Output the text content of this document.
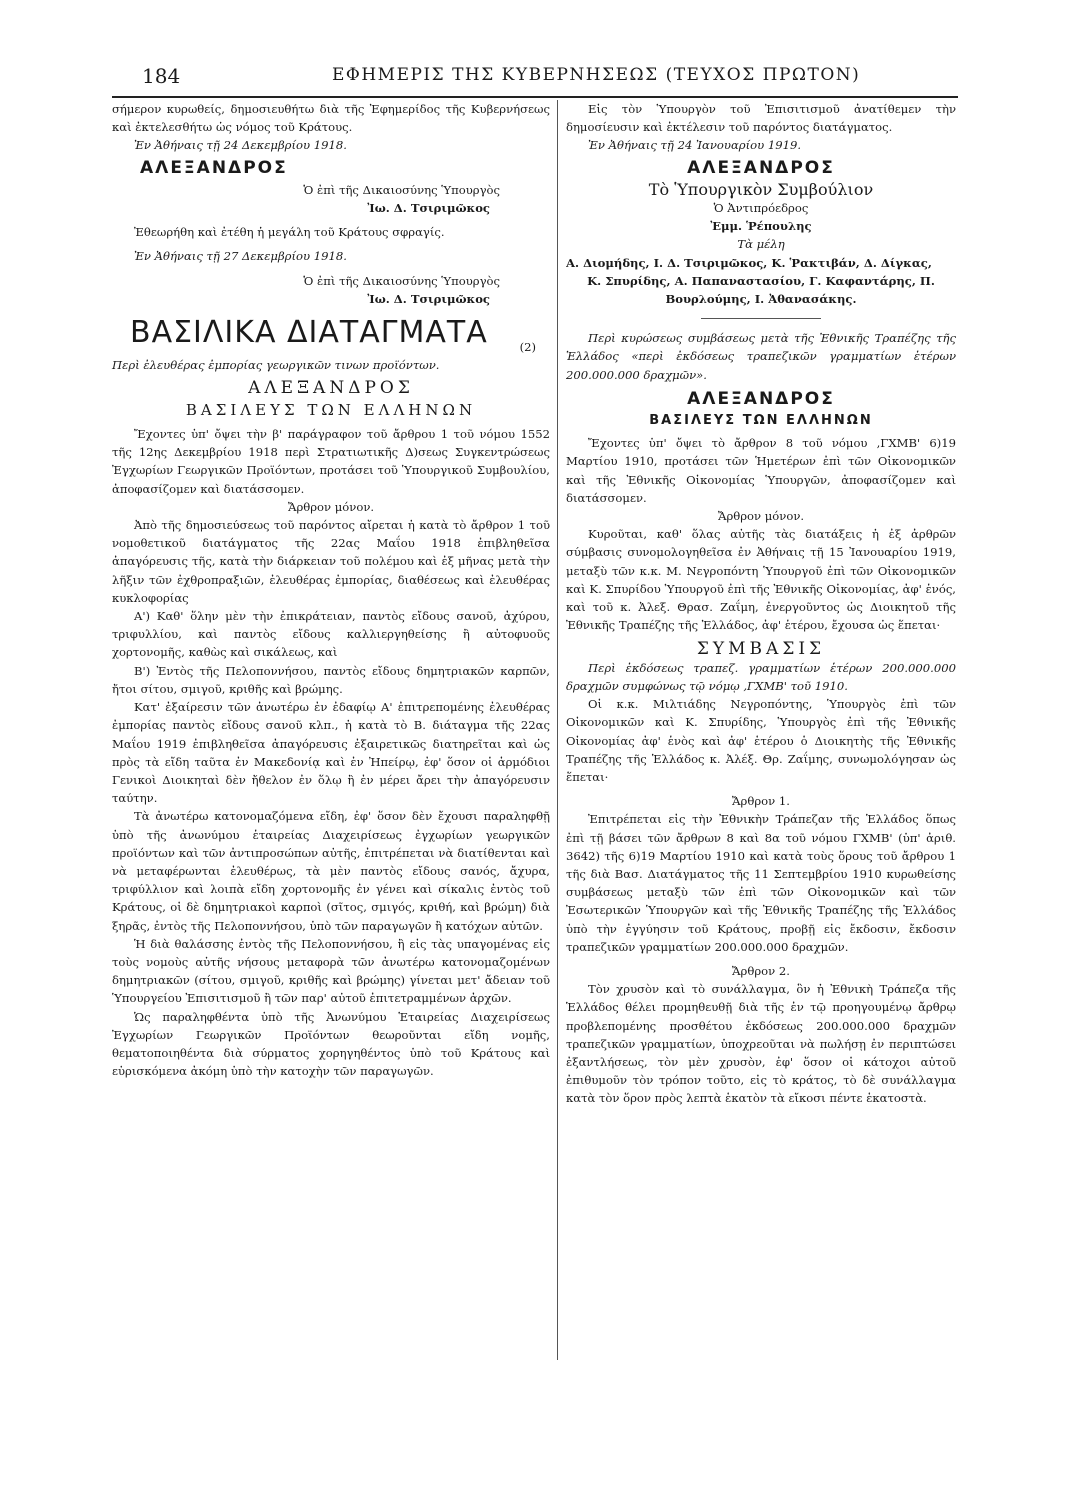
184	ΕΦΗΜΕΡΙΣ ΤΗΣ ΚΥΒΕΡΝΗΣΕΩΣ (ΤΕΥΧΟΣ ΠΡΩΤΟΝ)

σήμερον κυρωθείς, δημοσιευθήτω διὰ τῆς Ἐφημερίδος τῆς Κυβερνήσεως καὶ ἐκτελεσθήτω ὡς νόμος τοῦ Κράτους.

Ἐν Ἀθήναις τῇ 24 Δεκεμβρίου 1918.

ΑΛΕΞΑΝΔΡΟΣ

Ὁ ἐπὶ τῆς Δικαιοσύνης Ὑπουργὸς

Ἰω. Δ. Τσιριμῶκος

Ἐθεωρήθη καὶ ἐτέθη ἡ μεγάλη τοῦ Κράτους σφραγίς.

Ἐν Ἀθήναις τῇ 27 Δεκεμβρίου 1918.

Ὁ ἐπὶ τῆς Δικαιοσύνης Ὑπουργὸς

Ἰω. Δ. Τσιριμῶκος

ΒΑΣΙΛΙΚΑ ΔΙΑΤΑΓΜΑΤΑ	(2)

Περὶ ἐλευθέρας ἐμπορίας γεωργικῶν τινων προϊόντων.

ΑΛΕΞΑΝΔΡΟΣ

ΒΑΣΙΛΕΥΣ ΤΩΝ ΕΛΛΗΝΩΝ

Ἔχοντες ὑπ' ὄψει τὴν β' παράγραφον τοῦ ἄρθρου 1 τοῦ νόμου 1552 τῆς 12ης Δεκεμβρίου 1918 περὶ Στρατιωτικῆς Δ)σεως Συγκεντρώσεως Ἐγχωρίων Γεωργικῶν Προϊόντων, προτάσει τοῦ Ὑπουργικοῦ Συμβουλίου, ἀποφασίζομεν καὶ διατάσσομεν.

Ἄρθρον μόνον.

Ἀπὸ τῆς δημοσιεύσεως τοῦ παρόντος αἴρεται ἡ κατὰ τὸ ἄρθρον 1 τοῦ νομοθετικοῦ διατάγματος τῆς 22ας Μαΐου 1918 ἐπιβληθεῖσα ἀπαγόρευσις τῆς, κατὰ τὴν διάρκειαν τοῦ πολέμου καὶ ἐξ μῆνας μετὰ τὴν λῆξιν τῶν ἐχθροπραξιῶν, ἐλευθέρας ἐμπορίας, διαθέσεως καὶ ἐλευθέρας κυκλοφορίας

Α') Καθ' ὅλην μὲν τὴν ἐπικράτειαν, παντὸς εἴδους σανοῦ, ἀχύρου, τριφυλλίου, καὶ παντὸς εἴδους καλλιεργηθείσης ἢ αὐτοφυοῦς χορτονομῆς, καθὼς καὶ σικάλεως, καὶ

Β') Ἐντὸς τῆς Πελοποννήσου, παντὸς εἴδους δημητριακῶν καρπῶν, ἤτοι σίτου, σμιγοῦ, κριθῆς καὶ βρώμης.

Κατ' ἐξαίρεσιν τῶν ἀνωτέρω ἐν ἐδαφίῳ Α' ἐπιτρεπομένης ἐλευθέρας ἐμπορίας παντὸς εἴδους σανοῦ κλπ., ἡ κατὰ τὸ Β. διάταγμα τῆς 22ας Μαΐου 1919 ἐπιβληθεῖσα ἀπαγόρευσις ἐξαιρετικῶς διατηρεῖται καὶ ὡς πρὸς τὰ εἴδη ταῦτα ἐν Μακεδονίᾳ καὶ ἐν Ἠπείρῳ, ἐφ' ὅσον οἱ ἁρμόδιοι Γενικοὶ Διοικηταὶ δὲν ἤθελον ἐν ὅλῳ ἢ ἐν μέρει ἄρει τὴν ἀπαγόρευσιν ταύτην.

Τὰ ἀνωτέρω κατονομαζόμενα εἴδη, ἐφ' ὅσον δὲν ἔχουσι παραληφθῇ ὑπὸ τῆς ἀνωνύμου ἑταιρείας Διαχειρίσεως ἐγχωρίων γεωργικῶν προϊόντων καὶ τῶν ἀντιπροσώπων αὐτῆς, ἐπιτρέπεται νὰ διατίθενται καὶ νὰ μεταφέρωνται ἐλευθέρως, τὰ μὲν παντὸς εἴδους σανός, ἄχυρα, τριφύλλιον καὶ λοιπὰ εἴδη χορτονομῆς ἐν γένει καὶ σίκαλις ἐντὸς τοῦ Κράτους, οἱ δὲ δημητριακοὶ καρποὶ (σῖτος, σμιγός, κριθή, καὶ βρώμη) διὰ ξηρᾶς, ἐντὸς τῆς Πελοποννήσου, ὑπὸ τῶν παραγωγῶν ἢ κατόχων αὐτῶν.

Ἡ διὰ θαλάσσης ἐντὸς τῆς Πελοποννήσου, ἢ εἰς τὰς υπαγομένας εἰς τοὺς νομοὺς αὐτῆς νήσους μεταφορὰ τῶν ἀνωτέρω κατονομαζομένων δημητριακῶν (σίτου, σμιγοῦ, κριθῆς καὶ βρώμης) γίνεται μετ' ἄδειαν τοῦ Ὑπουργείου Ἐπισιτισμοῦ ἢ τῶν παρ' αὐτοῦ ἐπιτετραμμένων ἀρχῶν.

Ὡς παραληφθέντα ὑπὸ τῆς Ἀνωνύμου Ἑταιρείας Διαχειρίσεως Ἐγχωρίων Γεωργικῶν Προϊόντων θεωροῦνται εἴδη νομῆς, θεματοποιηθέντα διὰ σύρματος χορηγηθέντος ὑπὸ τοῦ Κράτους καὶ εὑρισκόμενα ἀκόμη ὑπὸ τὴν κατοχὴν τῶν παραγωγῶν.

Εἰς τὸν Ὑπουργὸν τοῦ Ἐπισιτισμοῦ ἀνατίθεμεν τὴν δημοσίευσιν καὶ ἐκτέλεσιν τοῦ παρόντος διατάγματος.

Ἐν Ἀθήναις τῇ 24 Ἰανουαρίου 1919.

ΑΛΕΞΑΝΔΡΟΣ

Τὸ Ὑπουργικὸν Συμβούλιον

Ὁ Ἀντιπρόεδρος

Ἐμμ. Ῥέπουλης

Τὰ μέλη

Α. Διομήδης, Ι. Δ. Τσιριμῶκος, Κ. Ῥακτιβάν, Δ. Δίγκας,

Κ. Σπυρίδης, Α. Παπαναστασίου, Γ. Καφαντάρης, Π. Βουρλούμης, Ι. Ἀθανασάκης.

Περὶ κυρώσεως συμβάσεως μετὰ τῆς Ἐθνικῆς Τραπέζης τῆς Ἑλλάδος «περὶ ἐκδόσεως τραπεζικῶν γραμματίων ἑτέρων 200.000.000 δραχμῶν».

ΑΛΕΞΑΝΔΡΟΣ

ΒΑΣΙΛΕΥΣ ΤΩΝ ΕΛΛΗΝΩΝ

Ἔχοντες ὑπ' ὄψει τὸ ἄρθρον 8 τοῦ νόμου ,ΓΧΜΒ' 6)19 Μαρτίου 1910, προτάσει τῶν Ἡμετέρων ἐπὶ τῶν Οἰκονομικῶν καὶ τῆς Ἐθνικῆς Οἰκονομίας Ὑπουργῶν, ἀποφασίζομεν καὶ διατάσσομεν.

Ἄρθρον μόνον.

Κυροῦται, καθ' ὅλας αὐτῆς τὰς διατάξεις ἡ ἐξ ἀρθρῶν σύμβασις συνομολογηθεῖσα ἐν Ἀθήναις τῇ 15 Ἰανουαρίου 1919, μεταξὺ τῶν κ.κ. Μ. Νεγροπόντη Ὑπουργοῦ ἐπὶ τῶν Οἰκονομικῶν καὶ Κ. Σπυρίδου Ὑπουργοῦ ἐπὶ τῆς Ἐθνικῆς Οἰκονομίας, ἀφ' ἑνός, καὶ τοῦ κ. Ἀλεξ. Θρασ. Ζαΐμη, ἐνεργοῦντος ὡς Διοικητοῦ τῆς Ἐθνικῆς Τραπέζης τῆς Ἑλλάδος, ἀφ' ἑτέρου, ἔχουσα ὡς ἕπεται·

ΣΥΜΒΑΣΙΣ

Περὶ ἐκδόσεως τραπεζ. γραμματίων ἑτέρων 200.000.000 δραχμῶν συμφώνως τῷ νόμῳ ,ΓΧΜΒ' τοῦ 1910.

Οἱ κ.κ. Μιλτιάδης Νεγροπόντης, Ὑπουργὸς ἐπὶ τῶν Οἰκονομικῶν καὶ Κ. Σπυρίδης, Ὑπουργὸς ἐπὶ τῆς Ἐθνικῆς Οἰκονομίας ἀφ' ἑνὸς καὶ ἀφ' ἑτέρου ὁ Διοικητὴς τῆς Ἐθνικῆς Τραπέζης τῆς Ἑλλάδος κ. Ἀλέξ. Θρ. Ζαΐμης, συνωμολόγησαν ὡς ἕπεται·

Ἄρθρον 1.

Ἐπιτρέπεται εἰς τὴν Ἐθνικὴν Τράπεζαν τῆς Ἑλλάδος ὅπως ἐπὶ τῇ βάσει τῶν ἄρθρων 8 καὶ 8α τοῦ νόμου ΓΧΜΒ' (ὑπ' ἀριθ. 3642) τῆς 6)19 Μαρτίου 1910 καὶ κατὰ τοὺς ὅρους τοῦ ἄρθρου 1 τῆς διὰ Βασ. Διατάγματος τῆς 11 Σεπτεμβρίου 1910 κυρωθείσης συμβάσεως μεταξὺ τῶν ἐπὶ τῶν Οἰκονομικῶν καὶ τῶν Ἐσωτερικῶν Ὑπουργῶν καὶ τῆς Ἐθνικῆς Τραπέζης τῆς Ἑλλάδος ὑπὸ τὴν ἐγγύησιν τοῦ Κράτους, προβῇ εἰς ἔκδοσιν, ἔκδοσιν τραπεζικῶν γραμματίων 200.000.000 δραχμῶν.

Ἄρθρον 2.

Τὸν χρυσὸν καὶ τὸ συνάλλαγμα, ὃν ἡ Ἐθνικὴ Τράπεζα τῆς Ἑλλάδος θέλει προμηθευθῇ διὰ τῆς ἐν τῷ προηγουμένῳ ἄρθρῳ προβλεπομένης προσθέτου ἐκδόσεως 200.000.000 δραχμῶν τραπεζικῶν γραμματίων, ὑποχρεοῦται νὰ πωλήσῃ ἐν περιπτώσει ἐξαντλήσεως, τὸν μὲν χρυσὸν, ἐφ' ὅσον οἱ κάτοχοι αὐτοῦ ἐπιθυμοῦν τὸν τρόπον τοῦτο, εἰς τὸ κράτος, τὸ δὲ συνάλλαγμα κατὰ τὸν ὅρον πρὸς λεπτὰ ἑκατὸν τὰ εἴκοσι πέντε ἑκατοστὰ.
